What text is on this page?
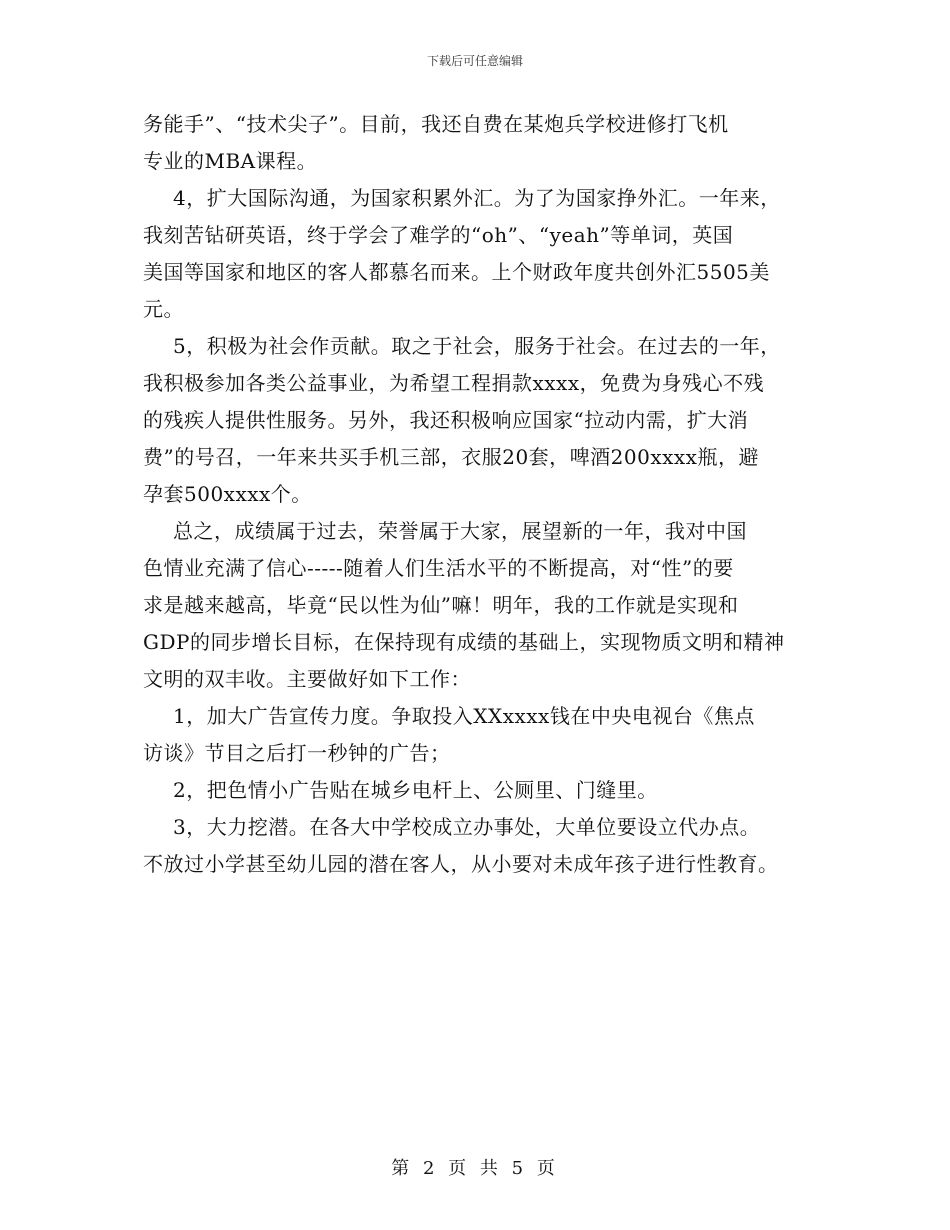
下载后可任意编辑
务能手”、“技术尖子”。目前，我还自费在某炮兵学校进修打飞机
专业的MBA课程。
4，扩大国际沟通，为国家积累外汇。为了为国家挣外汇。一年来，
我刻苦钻研英语，终于学会了难学的“oh”、“yeah”等单词，英国
美国等国家和地区的客人都慕名而来。上个财政年度共创外汇5505美
元。
5，积极为社会作贡献。取之于社会，服务于社会。在过去的一年，
我积极参加各类公益事业，为希望工程捐款xxxx，免费为身残心不残
的残疾人提供性服务。另外，我还积极响应国家“拉动内需，扩大消
费”的号召，一年来共买手机三部，衣服20套，啤酒200xxxx瓶，避
孕套500xxxx个。
总之，成绩属于过去，荣誉属于大家，展望新的一年，我对中国
色情业充满了信心-----随着人们生活水平的不断提高，对“性”的要
求是越来越高，毕竟“民以性为仙”嘛！明年，我的工作就是实现和
GDP的同步增长目标，在保持现有成绩的基础上，实现物质文明和精神
文明的双丰收。主要做好如下工作：
1，加大广告宣传力度。争取投入XXxxxx钱在中央电视台《焦点
访谈》节目之后打一秒钟的广告；
2，把色情小广告贴在城乡电杆上、公厕里、门缝里。
3，大力挖潜。在各大中学校成立办事处，大单位要设立代办点。
不放过小学甚至幼儿园的潜在客人，从小要对未成年孩子进行性教育。
第 2 页 共 5 页
